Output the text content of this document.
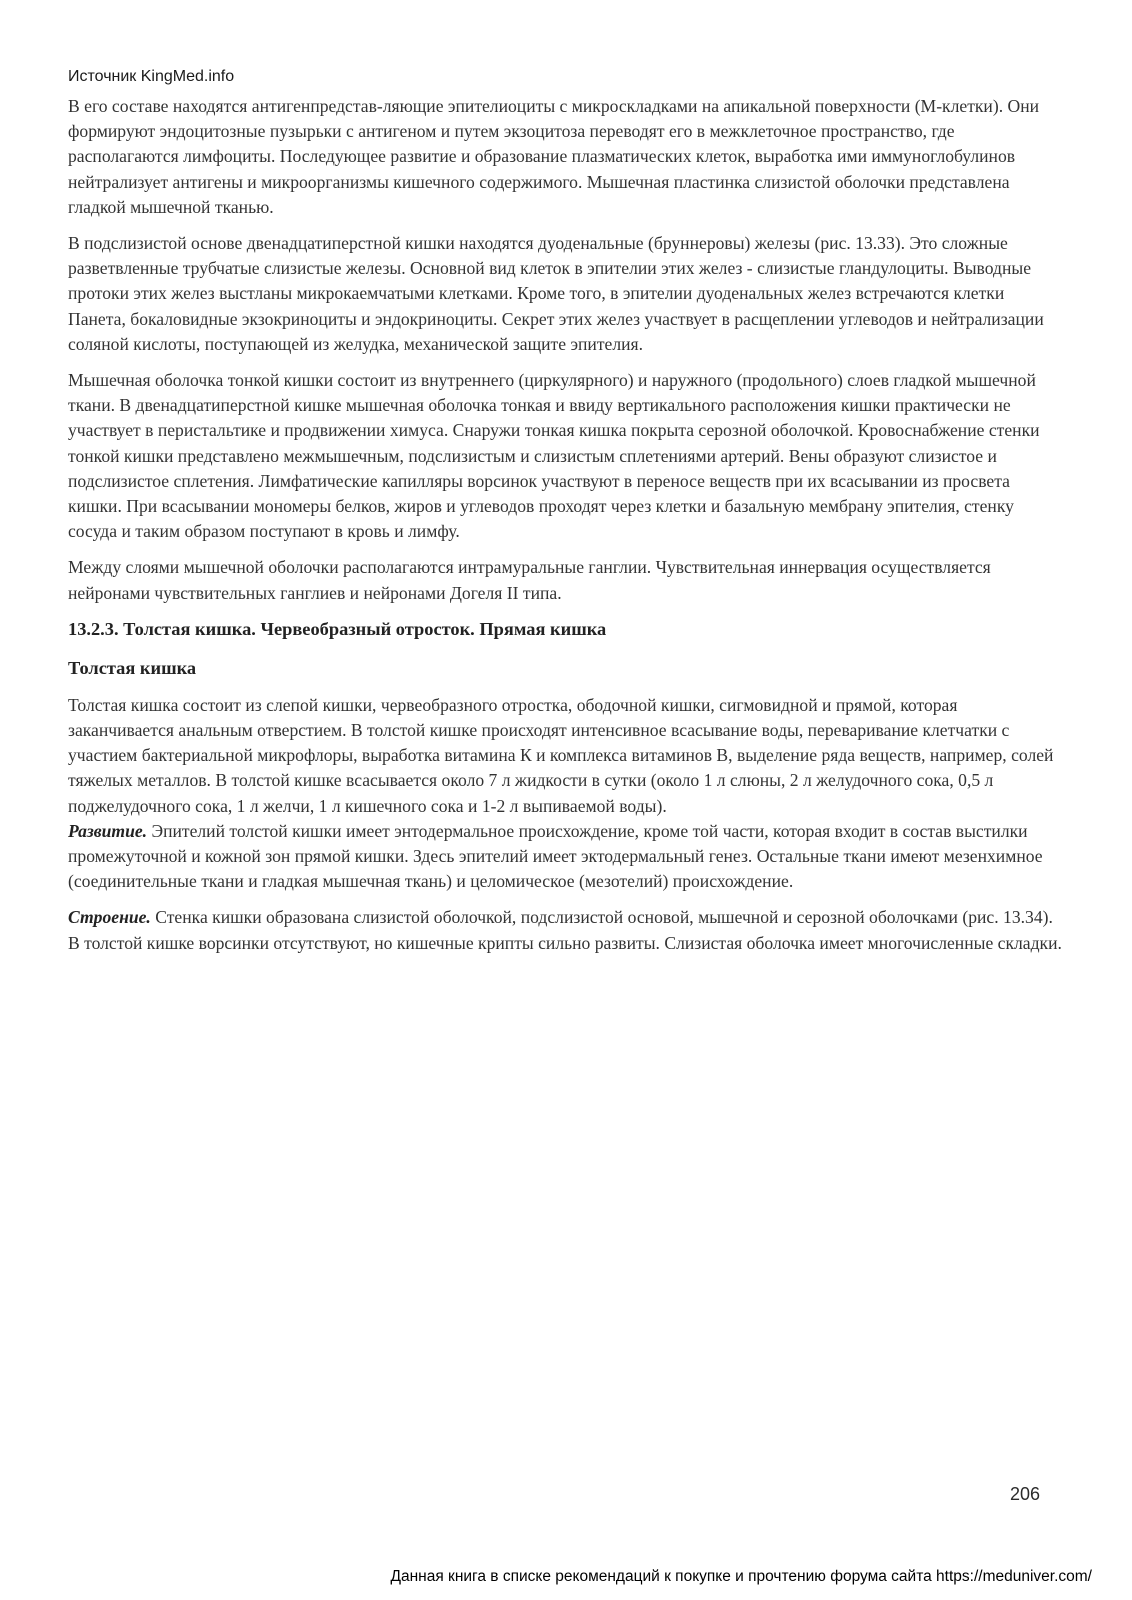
Источник KingMed.info

В его составе находятся антигенпредстав-ляющие эпителиоциты с микроскладками на апикальной поверхности (М-клетки). Они формируют эндоцитозные пузырьки с антигеном и путем экзоцитоза переводят его в межклеточное пространство, где располагаются лимфоциты. Последующее развитие и образование плазматических клеток, выработка ими иммуноглобулинов нейтрализует антигены и микроорганизмы кишечного содержимого. Мышечная пластинка слизистой оболочки представлена гладкой мышечной тканью.

В подслизистой основе двенадцатиперстной кишки находятся дуоденальные (бруннеровы) железы (рис. 13.33). Это сложные разветвленные трубчатые слизистые железы. Основной вид клеток в эпителии этих желез - слизистые гландулоциты. Выводные протоки этих желез выстланы микрокаемчатыми клетками. Кроме того, в эпителии дуоденальных желез встречаются клетки Панета, бокаловидные экзокриноциты и эндокриноциты. Секрет этих желез участвует в расщеплении углеводов и нейтрализации соляной кислоты, поступающей из желудка, механической защите эпителия.

Мышечная оболочка тонкой кишки состоит из внутреннего (циркулярного) и наружного (продольного) слоев гладкой мышечной ткани. В двенадцатиперстной кишке мышечная оболочка тонкая и ввиду вертикального расположения кишки практически не участвует в перистальтике и продвижении химуса. Снаружи тонкая кишка покрыта серозной оболочкой. Кровоснабжение стенки тонкой кишки представлено межмышечным, подслизистым и слизистым сплетениями артерий. Вены образуют слизистое и подслизистое сплетения. Лимфатические капилляры ворсинок участвуют в переносе веществ при их всасывании из просвета кишки. При всасывании мономеры белков, жиров и углеводов проходят через клетки и базальную мембрану эпителия, стенку сосуда и таким образом поступают в кровь и лимфу.

Между слоями мышечной оболочки располагаются интрамуральные ганглии. Чувствительная иннервация осуществляется нейронами чувствительных ганглиев и нейронами Догеля II типа.

13.2.3. Толстая кишка. Червеобразный отросток. Прямая кишка
Толстая кишка

Толстая кишка состоит из слепой кишки, червеобразного отростка, ободочной кишки, сигмовидной и прямой, которая заканчивается анальным отверстием. В толстой кишке происходят интенсивное всасывание воды, переваривание клетчатки с участием бактериальной микрофлоры, выработка витамина К и комплекса витаминов В, выделение ряда веществ, например, солей тяжелых металлов. В толстой кишке всасывается около 7 л жидкости в сутки (около 1 л слюны, 2 л желудочного сока, 0,5 л поджелудочного сока, 1 л желчи, 1 л кишечного сока и 1-2 л выпиваемой воды).

Развитие. Эпителий толстой кишки имеет энтодермальное происхождение, кроме той части, которая входит в состав выстилки промежуточной и кожной зон прямой кишки. Здесь эпителий имеет эктодермальный генез. Остальные ткани имеют мезенхимное (соединительные ткани и гладкая мышечная ткань) и целомическое (мезотелий) происхождение.

Строение. Стенка кишки образована слизистой оболочкой, подслизистой основой, мышечной и серозной оболочками (рис. 13.34). В толстой кишке ворсинки отсутствуют, но кишечные крипты сильно развиты. Слизистая оболочка имеет многочисленные складки.

206
Данная книга в списке рекомендаций к покупке и прочтению форума сайта https://meduniver.com/
